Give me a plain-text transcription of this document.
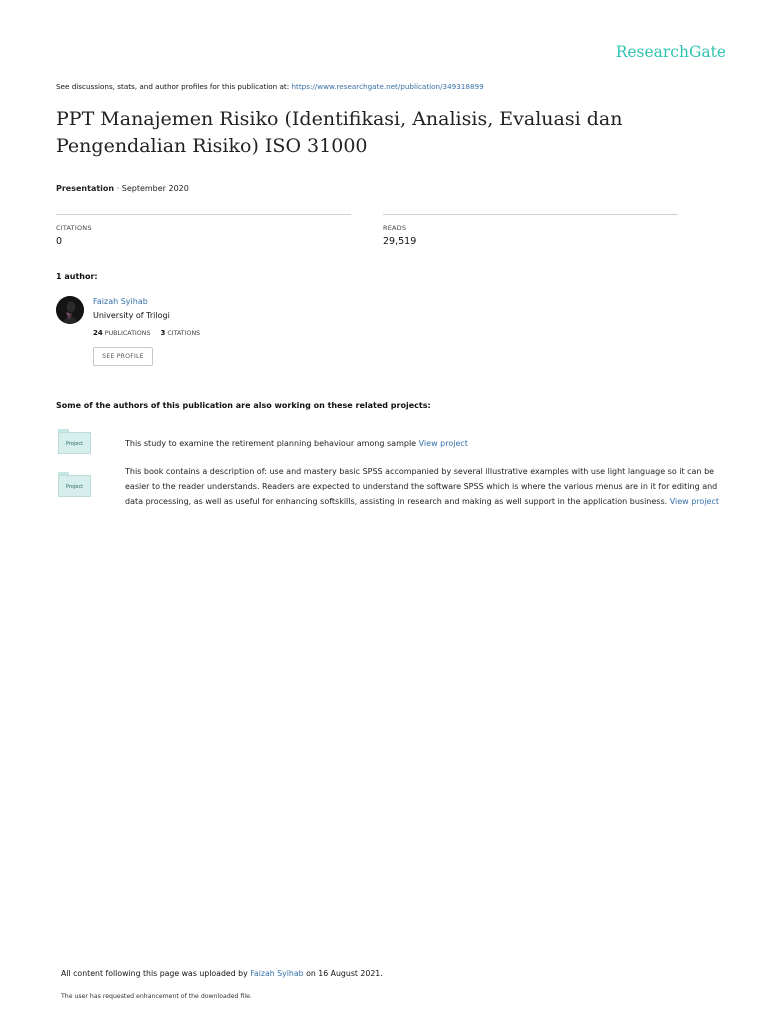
ResearchGate
See discussions, stats, and author profiles for this publication at: https://www.researchgate.net/publication/349318899
PPT Manajemen Risiko (Identifikasi, Analisis, Evaluasi dan Pengendalian Risiko) ISO 31000
Presentation · September 2020
CITATIONS
0
READS
29,519
1 author:
Faizah Syihab
University of Trilogi
24 PUBLICATIONS 3 CITATIONS
SEE PROFILE
Some of the authors of this publication are also working on these related projects:
Project	This study to examine the retirement planning behaviour among sample View project
Project
This book contains a description of: use and mastery basic SPSS accompanied by several illustrative examples with use light language so it can be easier to the reader understands. Readers are expected to understand the software SPSS which is where the various menus are in it for editing and data processing, as well as useful for enhancing softskills, assisting in research and making as well support in the application business. View project
All content following this page was uploaded by Faizah Syihab on 16 August 2021.
The user has requested enhancement of the downloaded file.
